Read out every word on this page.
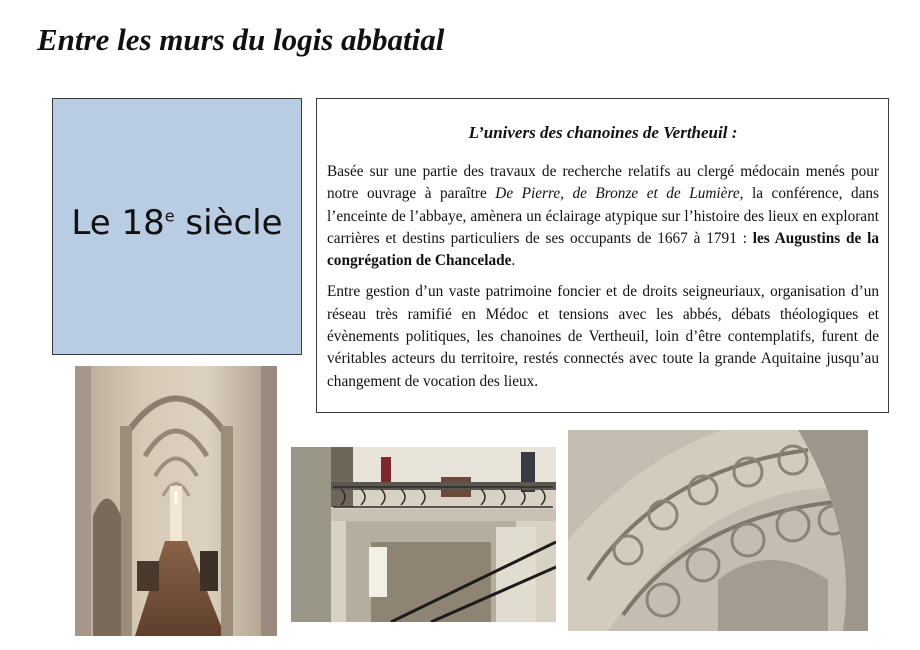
Entre les murs du logis abbatial
Le 18e siècle
L’univers des chanoines de Vertheuil :

Basée sur une partie des travaux de recherche relatifs au clergé médocain menés pour notre ouvrage à paraître De Pierre, de Bronze et de Lumière, la conférence, dans l’enceinte de l’abbaye, amènera un éclairage atypique sur l’histoire des lieux en explorant carrières et destins particuliers de ses occupants de 1667 à 1791 : les Augustins de la congrégation de Chancelade.

Entre gestion d’un vaste patrimoine foncier et de droits seigneuriaux, organisation d’un réseau très ramifié en Médoc et tensions avec les abbés, débats théologiques et évènements politiques, les chanoines de Vertheuil, loin d’être contemplatifs, furent de véritables acteurs du territoire, restés connectés avec toute la grande Aquitaine jusqu’au changement de vocation des lieux.
